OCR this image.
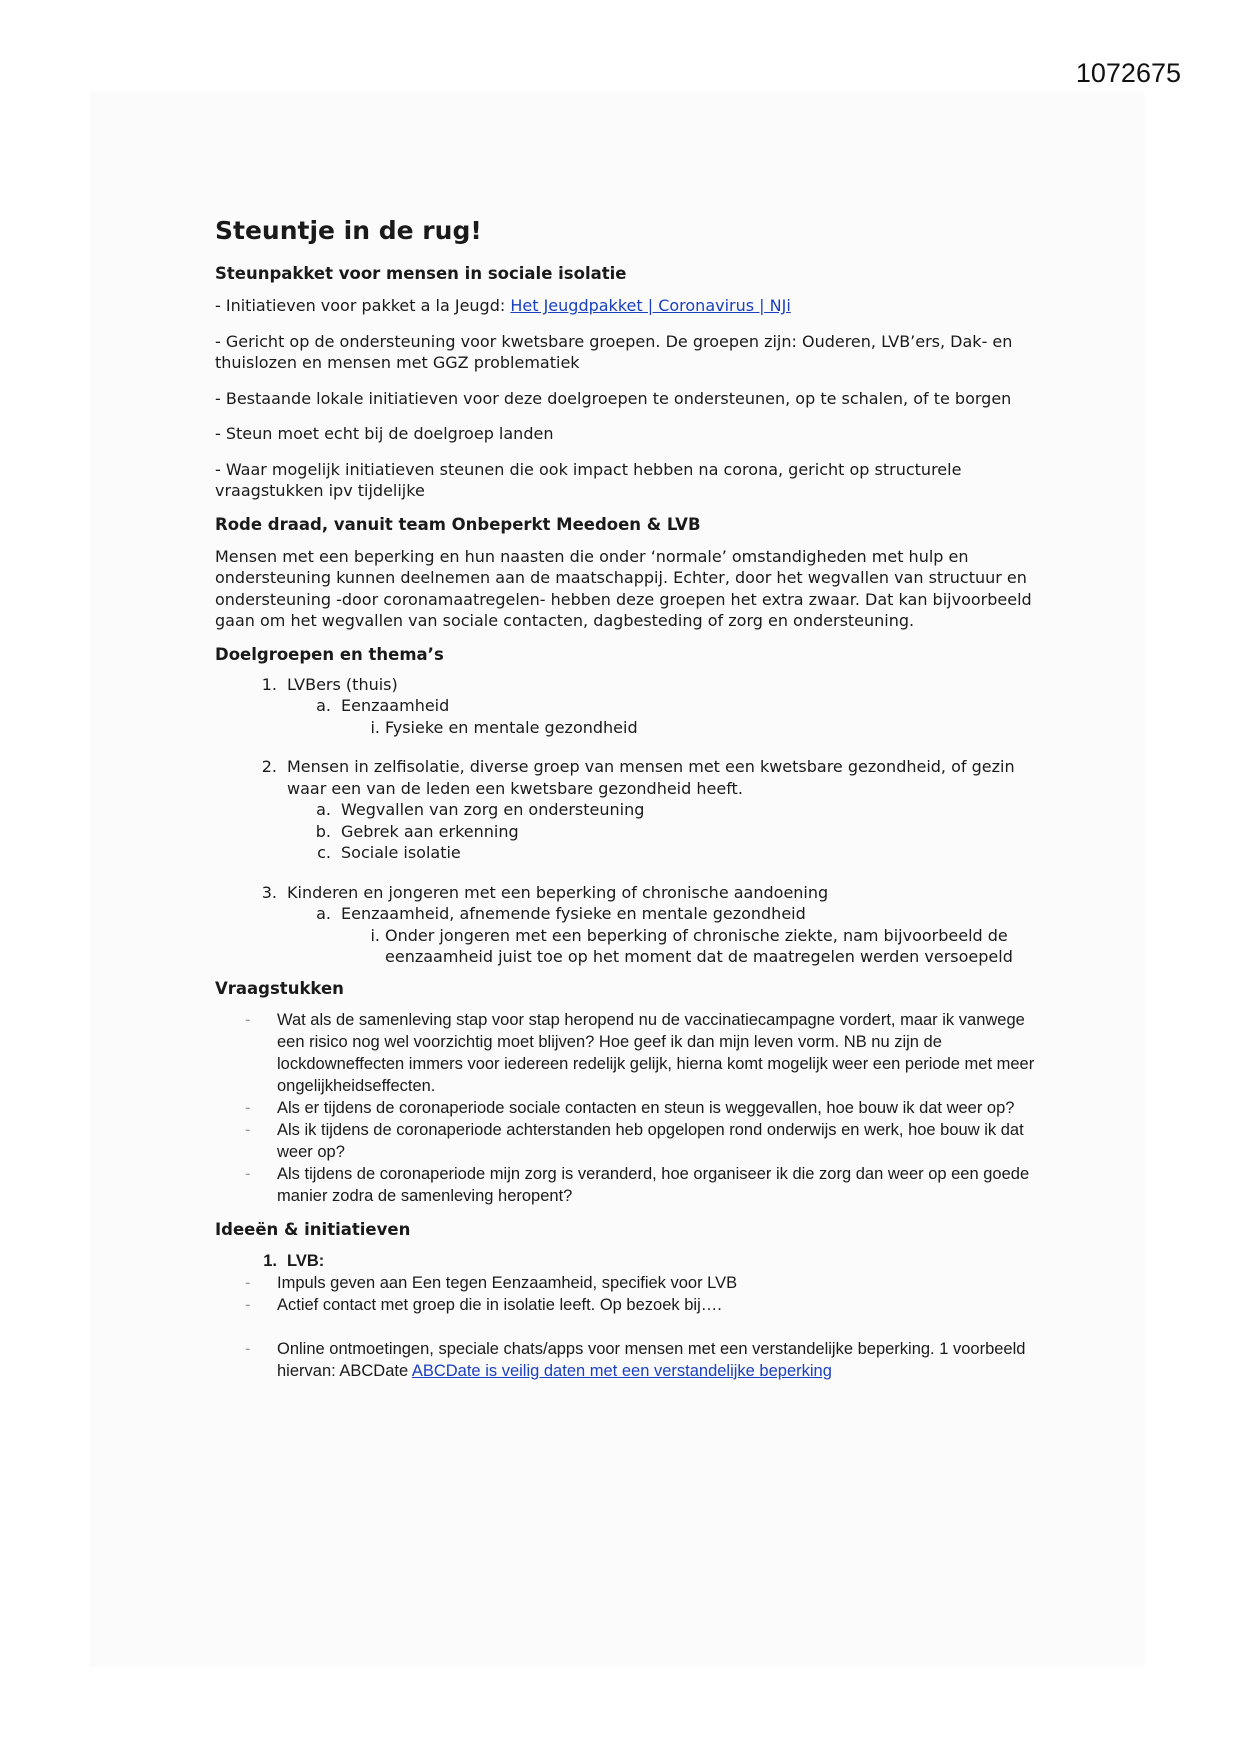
1072675
Steuntje in de rug!
Steunpakket voor mensen in sociale isolatie

- Initiatieven voor pakket a la Jeugd: Het Jeugdpakket | Coronavirus | NJi

- Gericht op de ondersteuning voor kwetsbare groepen. De groepen zijn: Ouderen, LVB’ers, Dak- en thuislozen en mensen met GGZ problematiek

- Bestaande lokale initiatieven voor deze doelgroepen te ondersteunen, op te schalen, of te borgen

- Steun moet echt bij de doelgroep landen

- Waar mogelijk initiatieven steunen die ook impact hebben na corona, gericht op structurele vraagstukken ipv tijdelijke

Rode draad, vanuit team Onbeperkt Meedoen & LVB

Mensen met een beperking en hun naasten die onder ‘normale’ omstandigheden met hulp en ondersteuning kunnen deelnemen aan de maatschappij. Echter, door het wegvallen van structuur en ondersteuning -door coronamaatregelen- hebben deze groepen het extra zwaar. Dat kan bijvoorbeeld gaan om het wegvallen van sociale contacten, dagbesteding of zorg en ondersteuning.

Doelgroepen en thema’s
1. LVBers (thuis)
a. Eenzaamheid
i. Fysieke en mentale gezondheid
2. Mensen in zelfisolatie, diverse groep van mensen met een kwetsbare gezondheid, of gezin waar een van de leden een kwetsbare gezondheid heeft.
a. Wegvallen van zorg en ondersteuning
b. Gebrek aan erkenning
c. Sociale isolatie
3. Kinderen en jongeren met een beperking of chronische aandoening
a. Eenzaamheid, afnemende fysieke en mentale gezondheid
i. Onder jongeren met een beperking of chronische ziekte, nam bijvoorbeeld de eenzaamheid juist toe op het moment dat de maatregelen werden versoepeld
Vraagstukken
-	Wat als de samenleving stap voor stap heropend nu de vaccinatiecampagne vordert, maar ik vanwege een risico nog wel voorzichtig moet blijven? Hoe geef ik dan mijn leven vorm. NB nu zijn de lockdowneffecten immers voor iedereen redelijk gelijk, hierna komt mogelijk weer een periode met meer ongelijkheidseffecten.
-	Als er tijdens de coronaperiode sociale contacten en steun is weggevallen, hoe bouw ik dat weer op?
-	Als ik tijdens de coronaperiode achterstanden heb opgelopen rond onderwijs en werk, hoe bouw ik dat weer op?
-	Als tijdens de coronaperiode mijn zorg is veranderd, hoe organiseer ik die zorg dan weer op een goede manier zodra de samenleving heropent?
Ideeën & initiatieven
1. LVB:
-	Impuls geven aan Een tegen Eenzaamheid, specifiek voor LVB
-	Actief contact met groep die in isolatie leeft. Op bezoek bij….
-	Online ontmoetingen, speciale chats/apps voor mensen met een verstandelijke beperking. 1 voorbeeld hiervan: ABCDate ABCDate is veilig daten met een verstandelijke beperking
